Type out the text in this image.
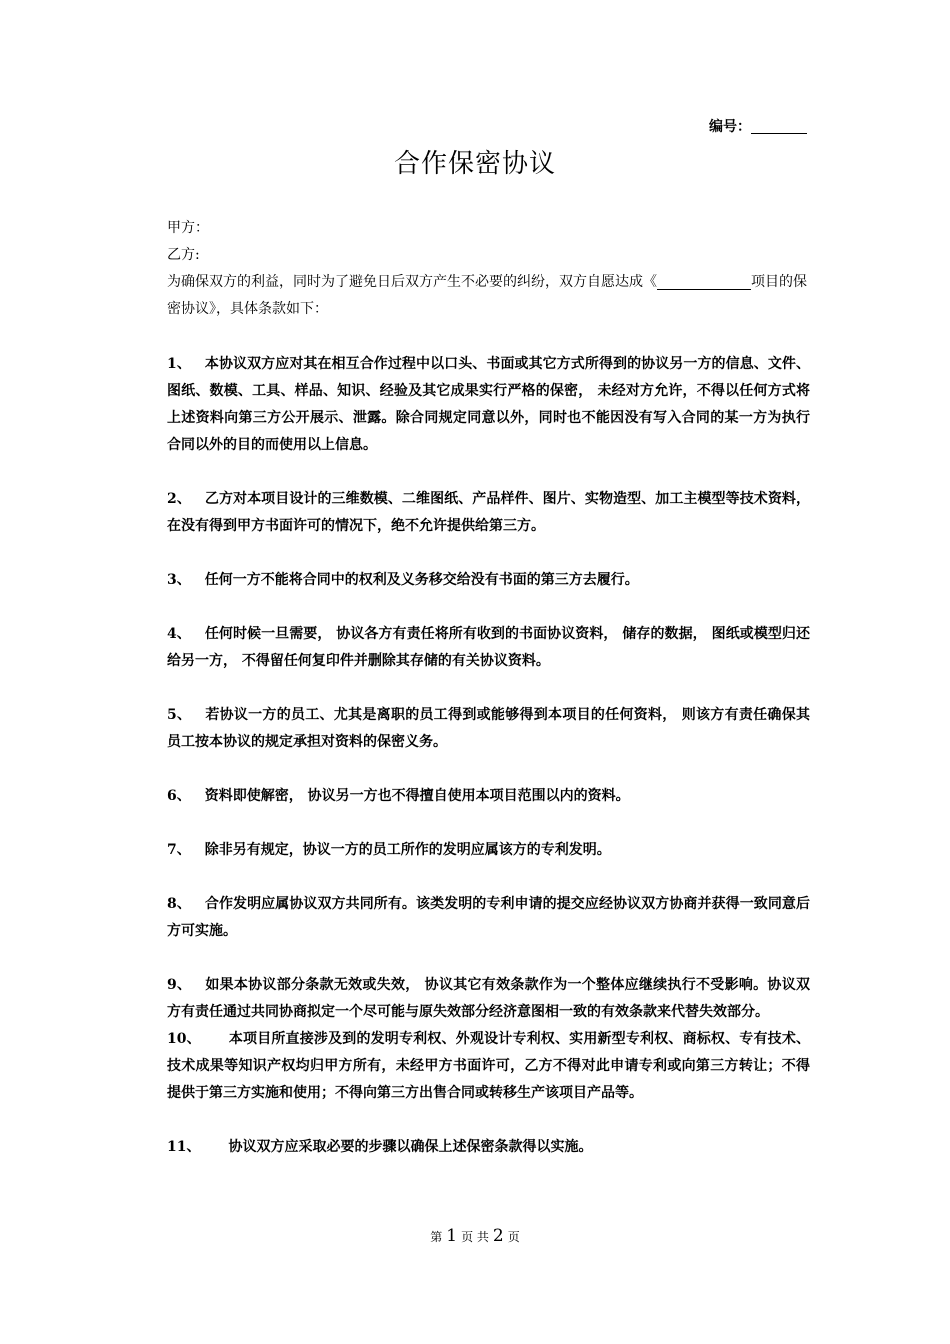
编号：
合作保密协议

甲方：

乙方:

为确保双方的利益，同时为了避免日后双方产生不必要的纠纷，双方自愿达成《	项目的保密协议》，具体条款如下：

1、 本协议双方应对其在相互合作过程中以口头、书面或其它方式所得到的协议另一方的信息、文件、 图纸、数模、工具、样品、知识、经验及其它成果实行严格的保密， 未经对方允许，不得以任何方式将上述资料向第三方公开展示、泄露。除合同规定同意以外，同时也不能因没有写入合同的某一方为执行合同以外的目的而使用以上信息。

2、 乙方对本项目设计的三维数模、二维图纸、产品样件、图片、实物造型、加工主模型等技术资料，在没有得到甲方书面许可的情况下，绝不允许提供给第三方。

3、 任何一方不能将合同中的权利及义务移交给没有书面的第三方去履行。

4、 任何时候一旦需要， 协议各方有责任将所有收到的书面协议资料， 储存的数据， 图纸或模型归还给另一方， 不得留任何复印件并删除其存储的有关协议资料。

5、 若协议一方的员工、尤其是离职的员工得到或能够得到本项目的任何资料， 则该方有责任确保其员工按本协议的规定承担对资料的保密义务。

6、 资料即使解密， 协议另一方也不得擅自使用本项目范围以内的资料。

7、 除非另有规定，协议一方的员工所作的发明应属该方的专利发明。

8、 合作发明应属协议双方共同所有。该类发明的专利申请的提交应经协议双方协商并获得一致同意后方可实施。

9、 如果本协议部分条款无效或失效， 协议其它有效条款作为一个整体应继续执行不受影响。协议双方有责任通过共同协商拟定一个尽可能与原失效部分经济意图相一致的有效条款来代替失效部分。

10、 本项目所直接涉及到的发明专利权、外观设计专利权、实用新型专利权、商标权、专有技术、技术成果等知识产权均归甲方所有，未经甲方书面许可，乙方不得对此申请专利或向第三方转让；不得提供于第三方实施和使用；不得向第三方出售合同或转移生产该项目产品等。

11、 协议双方应采取必要的步骤以确保上述保密条款得以实施。

第 1 页 共 2 页
